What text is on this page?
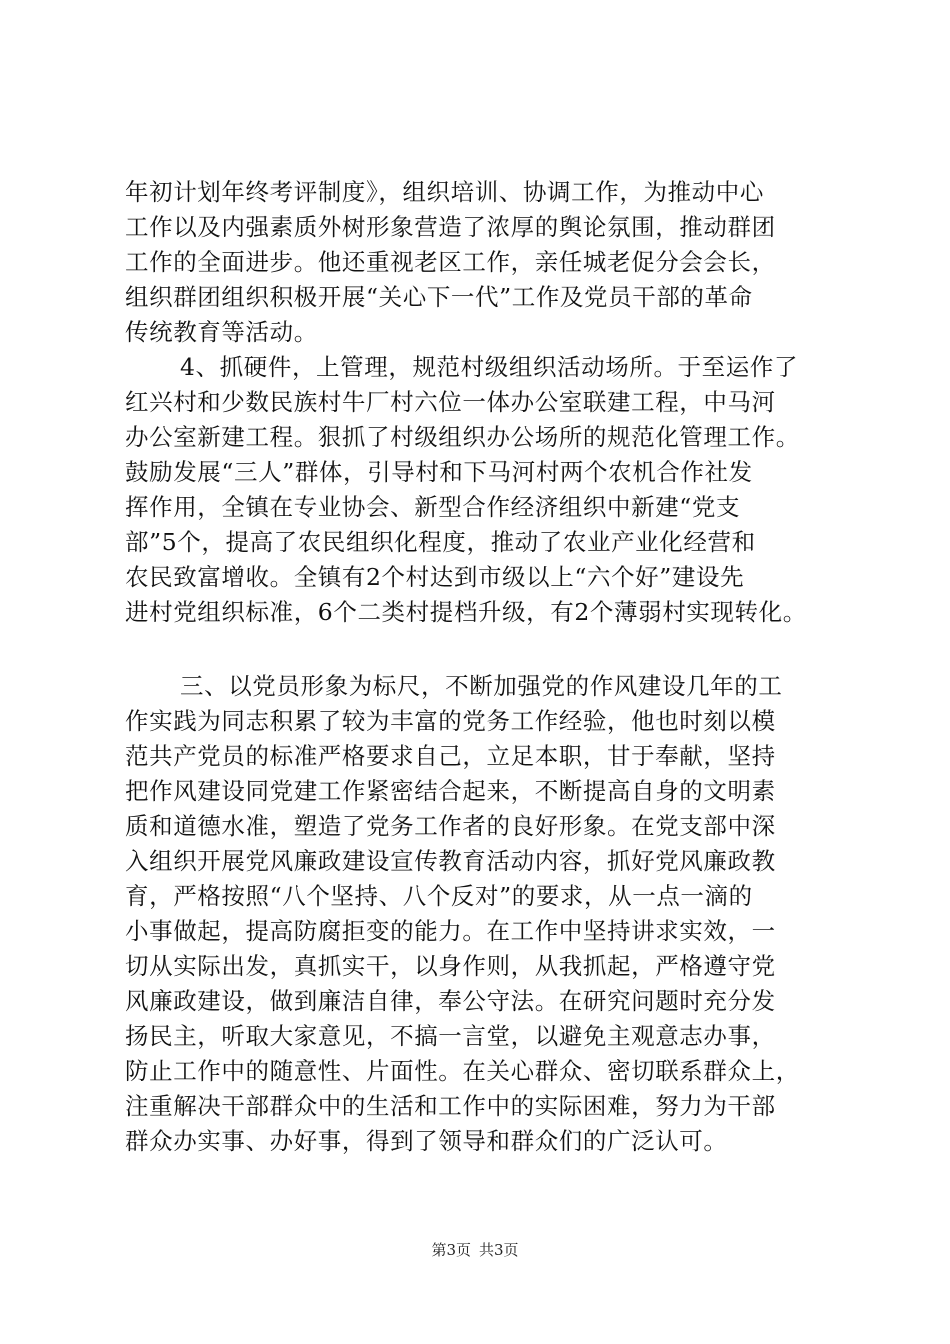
年初计划年终考评制度》，组织培训、协调工作，为推动中心
工作以及内强素质外树形象营造了浓厚的舆论氛围，推动群团
工作的全面进步。他还重视老区工作，亲任城老促分会会长，
组织群团组织积极开展“关心下一代”工作及党员干部的革命
传统教育等活动。
4、抓硬件，上管理，规范村级组织活动场所。于至运作了
红兴村和少数民族村牛厂村六位一体办公室联建工程，中马河
办公室新建工程。狠抓了村级组织办公场所的规范化管理工作。
鼓励发展“三人”群体，引导村和下马河村两个农机合作社发
挥作用，全镇在专业协会、新型合作经济组织中新建“党支
部”5个，提高了农民组织化程度，推动了农业产业化经营和
农民致富增收。全镇有2个村达到市级以上“六个好”建设先
进村党组织标准，6个二类村提档升级，有2个薄弱村实现转化。
三、以党员形象为标尺，不断加强党的作风建设几年的工
作实践为同志积累了较为丰富的党务工作经验，他也时刻以模
范共产党员的标准严格要求自己，立足本职，甘于奉献，坚持
把作风建设同党建工作紧密结合起来，不断提高自身的文明素
质和道德水准，塑造了党务工作者的良好形象。在党支部中深
入组织开展党风廉政建设宣传教育活动内容，抓好党风廉政教
育，严格按照“八个坚持、八个反对”的要求，从一点一滴的
小事做起，提高防腐拒变的能力。在工作中坚持讲求实效，一
切从实际出发，真抓实干，以身作则，从我抓起，严格遵守党
风廉政建设，做到廉洁自律，奉公守法。在研究问题时充分发
扬民主，听取大家意见，不搞一言堂，以避免主观意志办事，
防止工作中的随意性、片面性。在关心群众、密切联系群众上，
注重解决干部群众中的生活和工作中的实际困难，努力为干部
群众办实事、办好事，得到了领导和群众们的广泛认可。
第3页 共3页
